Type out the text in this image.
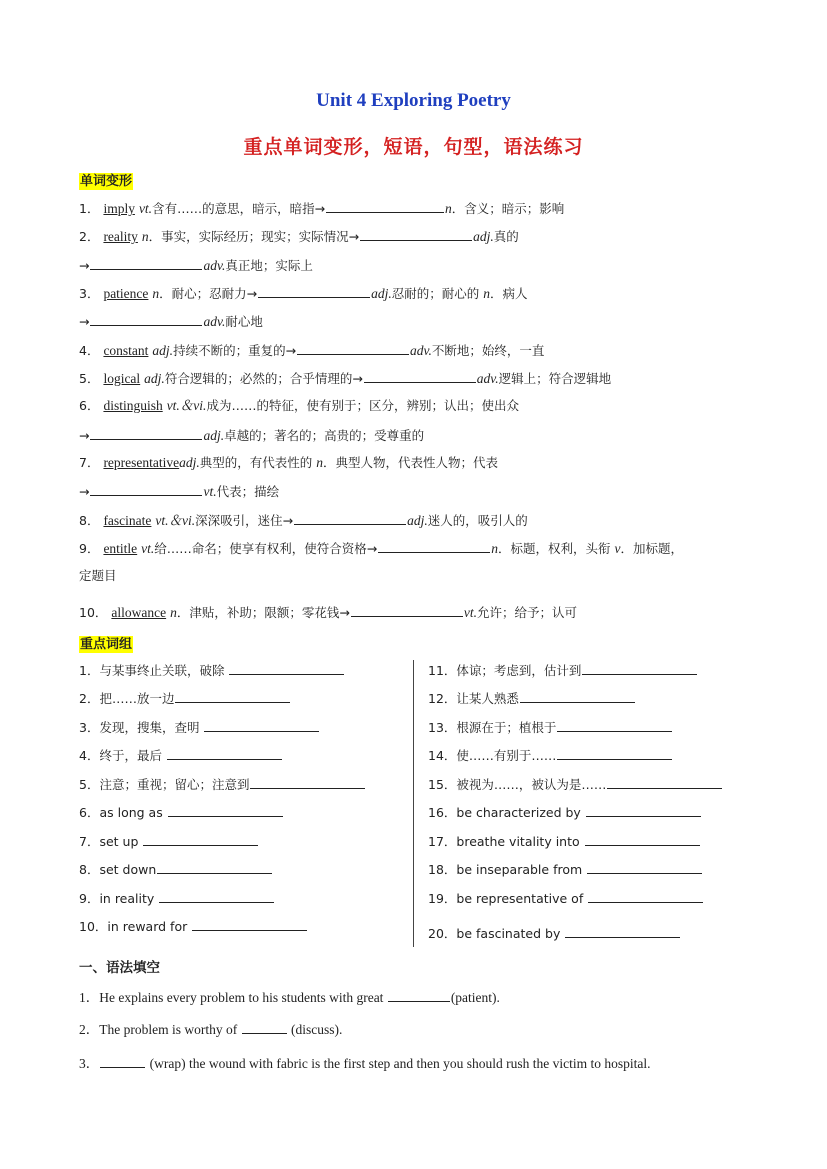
Unit 4 Exploring Poetry
重点单词变形，短语，句型，语法练习
单词变形
1． imply vt.含有……的意思，暗示，暗指→	n．含义；暗示；影响
2． reality n．事实，实际经历；现实；实际情况→	adj.真的
→	adv.真正地；实际上
3． patience n．耐心；忍耐力→	adj.忍耐的；耐心的 n．病人
→	adv.耐心地
4． constant adj.持续不断的；重复的→	adv.不断地；始终，一直
5． logical adj.符合逻辑的；必然的；合乎情理的→	adv.逻辑上；符合逻辑地
6． distinguish vt.＆vi.成为……的特征，使有别于；区分，辨别；认出；使出众
→	adj.卓越的；著名的；高贵的；受尊重的
7． representativeadj.典型的，有代表性的 n．典型人物，代表性人物；代表
→	vt.代表；描绘
8． fascinate vt.＆vi.深深吸引，迷住→	adj.迷人的，吸引人的
9． entitle vt.给……命名；使享有权利，使符合资格→	n．标题，权利，头衔 v．加标题，
定题目
10． allowance n．津贴，补助；限额；零花钱→	vt.允许；给予；认可
重点词组
1．与某事终止关联，破除
2．把……放一边
3．发现，搜集，查明
4．终于，最后
5．注意；重视；留心；注意到
6．as long as
7．set up
8．set down
9．in reality
10．in reward for
11．体谅；考虑到，估计到
12．让某人熟悉
13．根源在于；植根于
14．使……有别于……
15．被视为……，被认为是……
16．be characterized by
17．breathe vitality into
18．be inseparable from
19．be representative of
20．be fascinated by
一、语法填空
1．He explains every problem to his students with great	(patient).
2．The problem is worthy of	(discuss).
3．	(wrap) the wound with fabric is the first step and then you should rush the victim to hospital.
